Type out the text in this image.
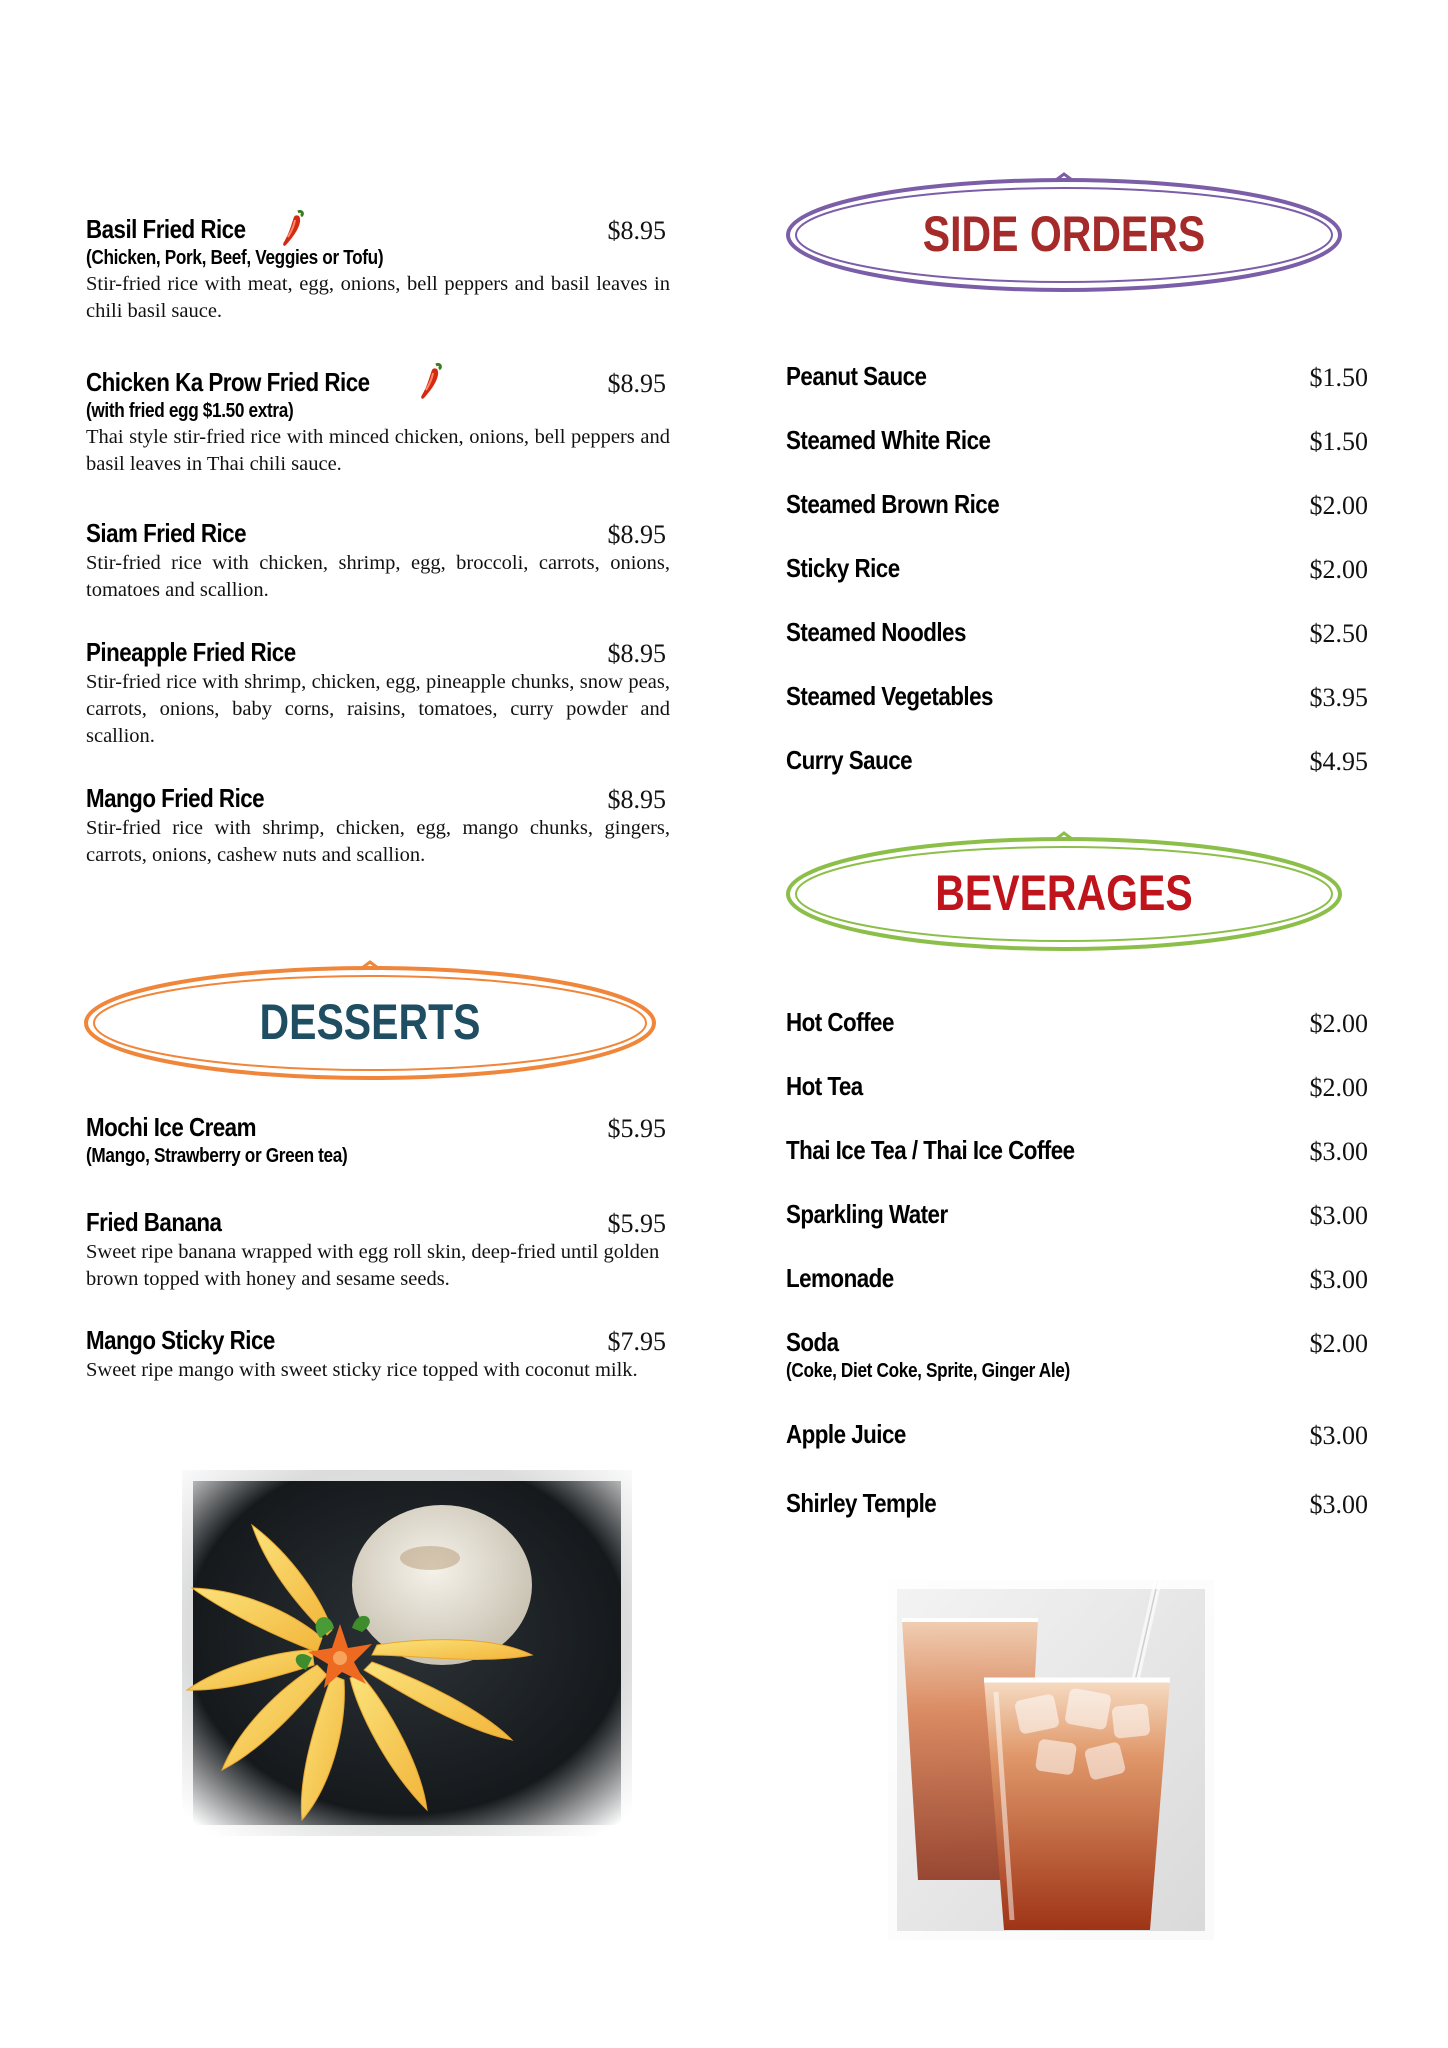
Basil Fried Rice	$8.95
(Chicken, Pork, Beef, Veggies or Tofu)

Stir-fried rice with meat, egg, onions, bell peppers and basil leaves in chili basil sauce.

Chicken Ka Prow Fried Rice	$8.95
(with fried egg $1.50 extra)

Thai style stir-fried rice with minced chicken, onions, bell peppers and basil leaves in Thai chili sauce.

Siam Fried Rice	$8.95

Stir-fried rice with chicken, shrimp, egg, broccoli, carrots, onions, tomatoes and scallion.

Pineapple Fried Rice	$8.95

Stir-fried rice with shrimp, chicken, egg, pineapple chunks, snow peas, carrots, onions, baby corns, raisins, tomatoes, curry powder and scallion.

Mango Fried Rice	$8.95

Stir-fried rice with shrimp, chicken, egg, mango chunks, gingers, carrots, onions, cashew nuts and scallion.

DESSERTS
Mochi Ice Cream	$5.95
(Mango, Strawberry or Green tea)
Fried Banana	$5.95

Sweet ripe banana wrapped with egg roll skin, deep-fried until golden brown topped with honey and sesame seeds.

Mango Sticky Rice	$7.95

Sweet ripe mango with sweet sticky rice topped with coconut milk.

SIDE ORDERS
Peanut Sauce	$1.50
Steamed White Rice	$1.50
Steamed Brown Rice	$2.00
Sticky Rice	$2.00
Steamed Noodles	$2.50
Steamed Vegetables	$3.95
Curry Sauce	$4.95
BEVERAGES
Hot Coffee	$2.00
Hot Tea	$2.00
Thai Ice Tea / Thai Ice Coffee	$3.00
Sparkling Water	$3.00
Lemonade	$3.00
Soda	$2.00
(Coke, Diet Coke, Sprite, Ginger Ale)
Apple Juice	$3.00
Shirley Temple	$3.00
